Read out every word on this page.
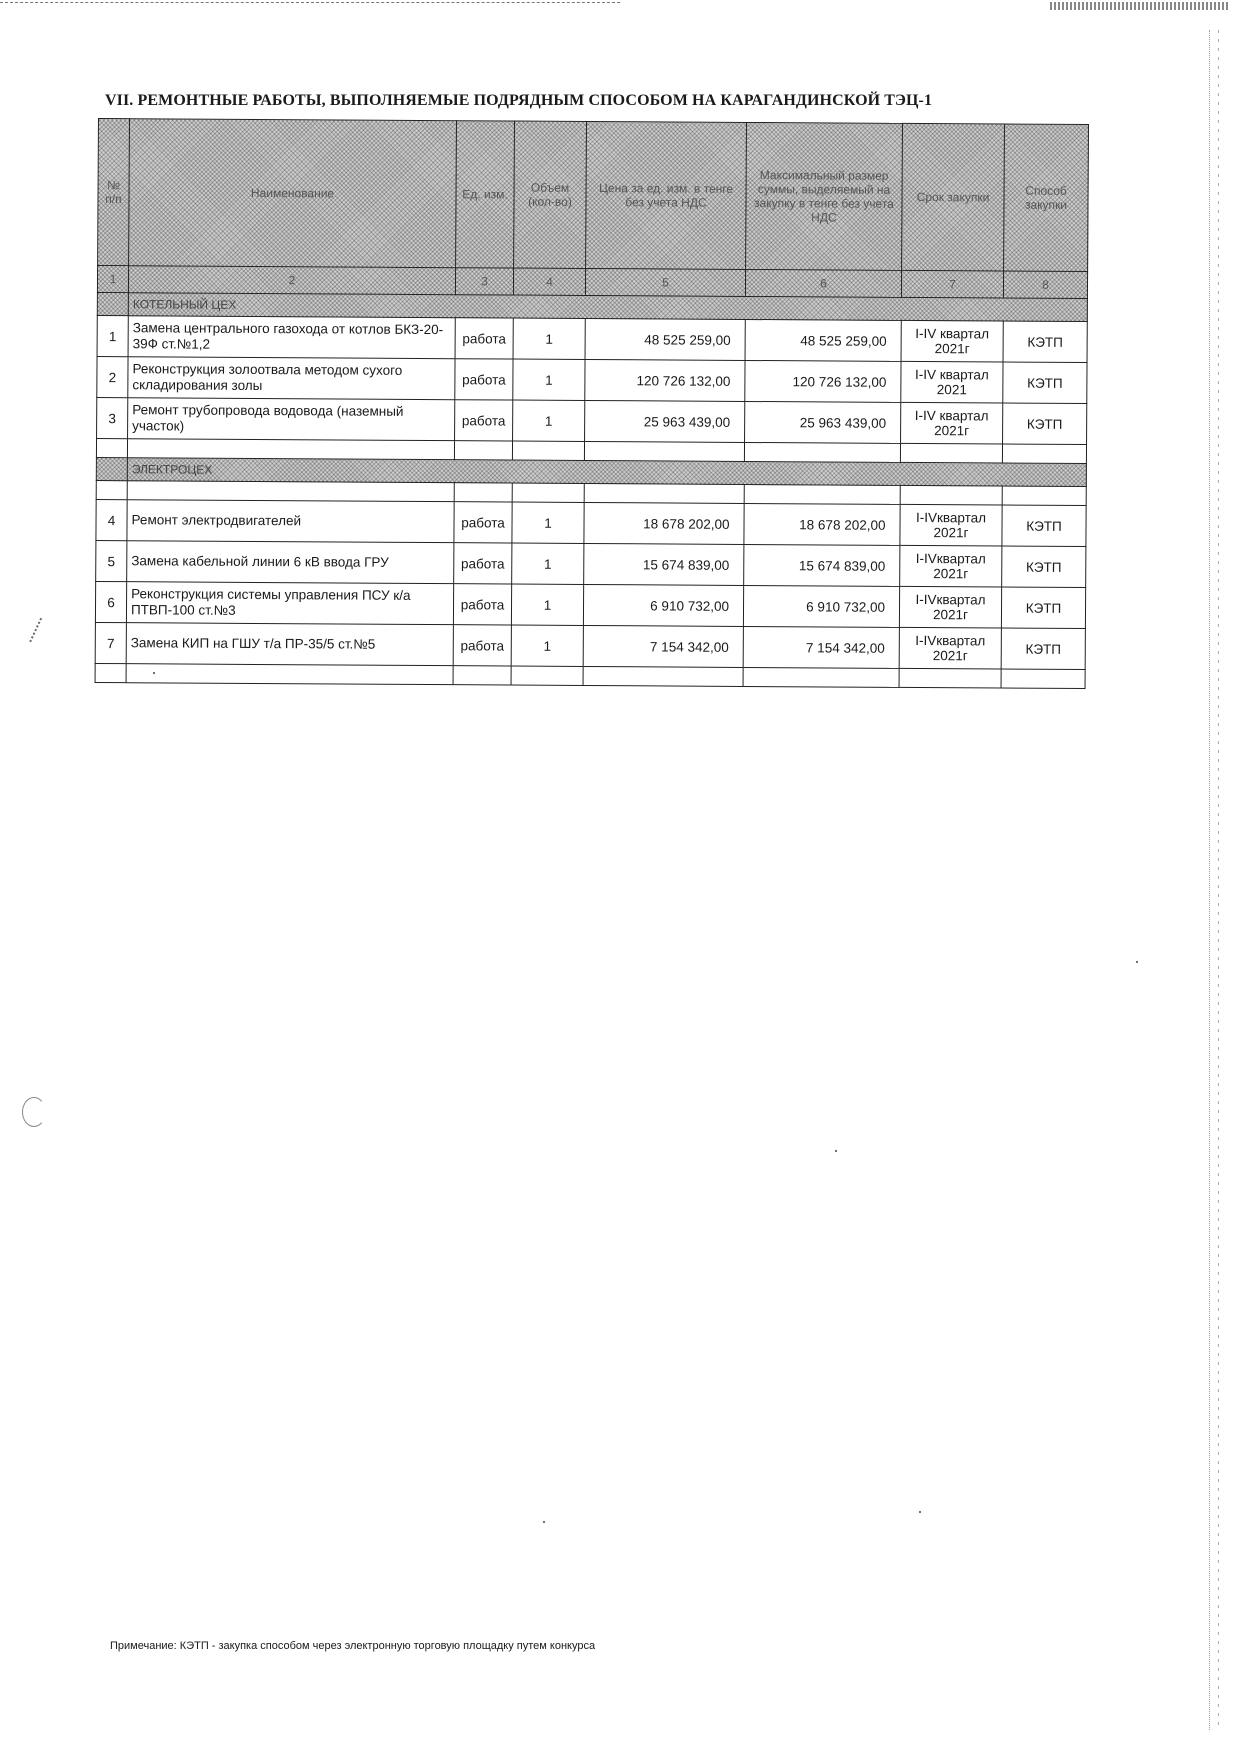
VII. РЕМОНТНЫЕ РАБОТЫ, ВЫПОЛНЯЕМЫЕ ПОДРЯДНЫМ СПОСОБОМ НА КАРАГАНДИНСКОЙ ТЭЦ-1
№ п/п	Наименование	Ед. изм.	Объем (кол-во)	Цена за ед. изм. в тенге без учета НДС	Максимальный размер суммы, выделяемый на закупку в тенге без учета НДС	Срок закупки	Способ закупки
1	2	3	4	5	6	7	8
	КОТЕЛЬНЫЙ ЦЕХ						
1	Замена центрального газохода от котлов БКЗ-20-39Ф ст.№1,2	работа	1	48 525 259,00	48 525 259,00	I-IV квартал 2021г	КЭТП
2	Реконструкция золоотвала методом сухого складирования золы	работа	1	120 726 132,00	120 726 132,00	I-IV квартал 2021	КЭТП
3	Ремонт трубопровода водовода (наземный участок)	работа	1	25 963 439,00	25 963 439,00	I-IV квартал 2021г	КЭТП

	ЭЛЕКТРОЦЕХ						

4	Ремонт электродвигателей	работа	1	18 678 202,00	18 678 202,00	I-IVквартал 2021г	КЭТП
5	Замена кабельной линии 6 кВ ввода ГРУ	работа	1	15 674 839,00	15 674 839,00	I-IVквартал 2021г	КЭТП
6	Реконструкция системы управления ПСУ к/а ПТВП-100 ст.№3	работа	1	6 910 732,00	6 910 732,00	I-IVквартал 2021г	КЭТП
7	Замена КИП на ГШУ т/а ПР-35/5 ст.№5	работа	1	7 154 342,00	7 154 342,00	I-IVквартал 2021г	КЭТП

Примечание: КЭТП - закупка способом через электронную торговую площадку путем конкурса
